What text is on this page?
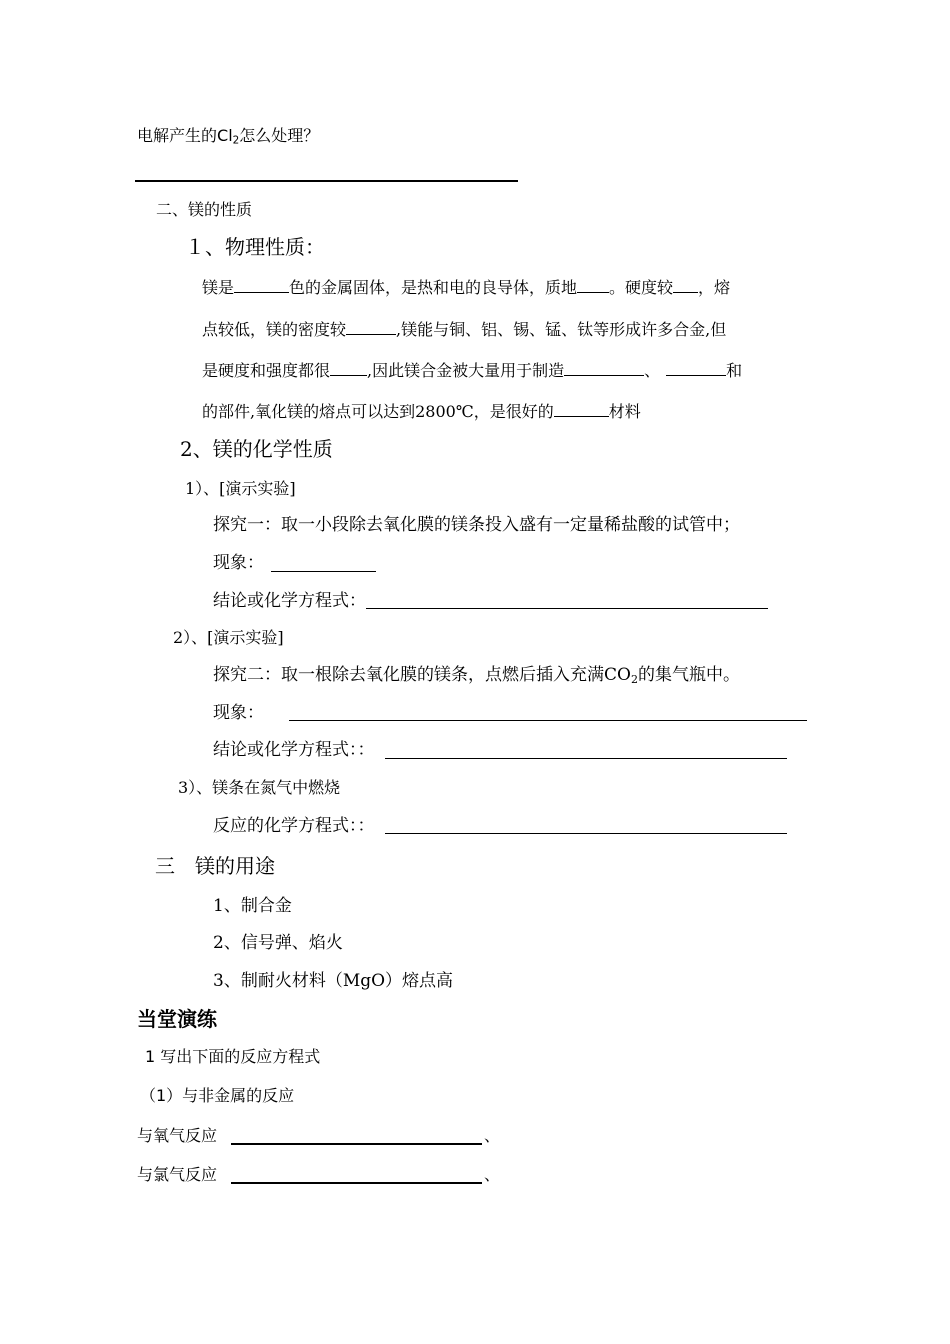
电解产生的$Cl_2$怎么处理？
二、镁的性质
１、物理性质：
镁是	色的金属固体，是热和电的良导体，质地 。硬度较 ，熔
点较低，镁的密度较	,镁能与铜、铝、锡、锰、钛等形成许多合金,但
是硬度和强度都很 ,因此镁合金被大量用于制造	、	和
的部件,氧化镁的熔点可以达到2800℃，是很好的	材料
2、镁的化学性质
1）、[演示实验]
探究一：取一小段除去氧化膜的镁条投入盛有一定量稀盐酸的试管中；
现象：
结论或化学方程式：
2）、[演示实验]
探究二：取一根除去氧化膜的镁条，点燃后插入充满$CO_2$的集气瓶中。
现象：
结论或化学方程式：：
3）、镁条在氮气中燃烧
反应的化学方程式：：
三　镁的用途
1、制合金
2、信号弹、焰火
3、制耐火材料（MgO）熔点高
当堂演练
1 写出下面的反应方程式
（1）与非金属的反应
与氧气反应	、
与氯气反应	、
